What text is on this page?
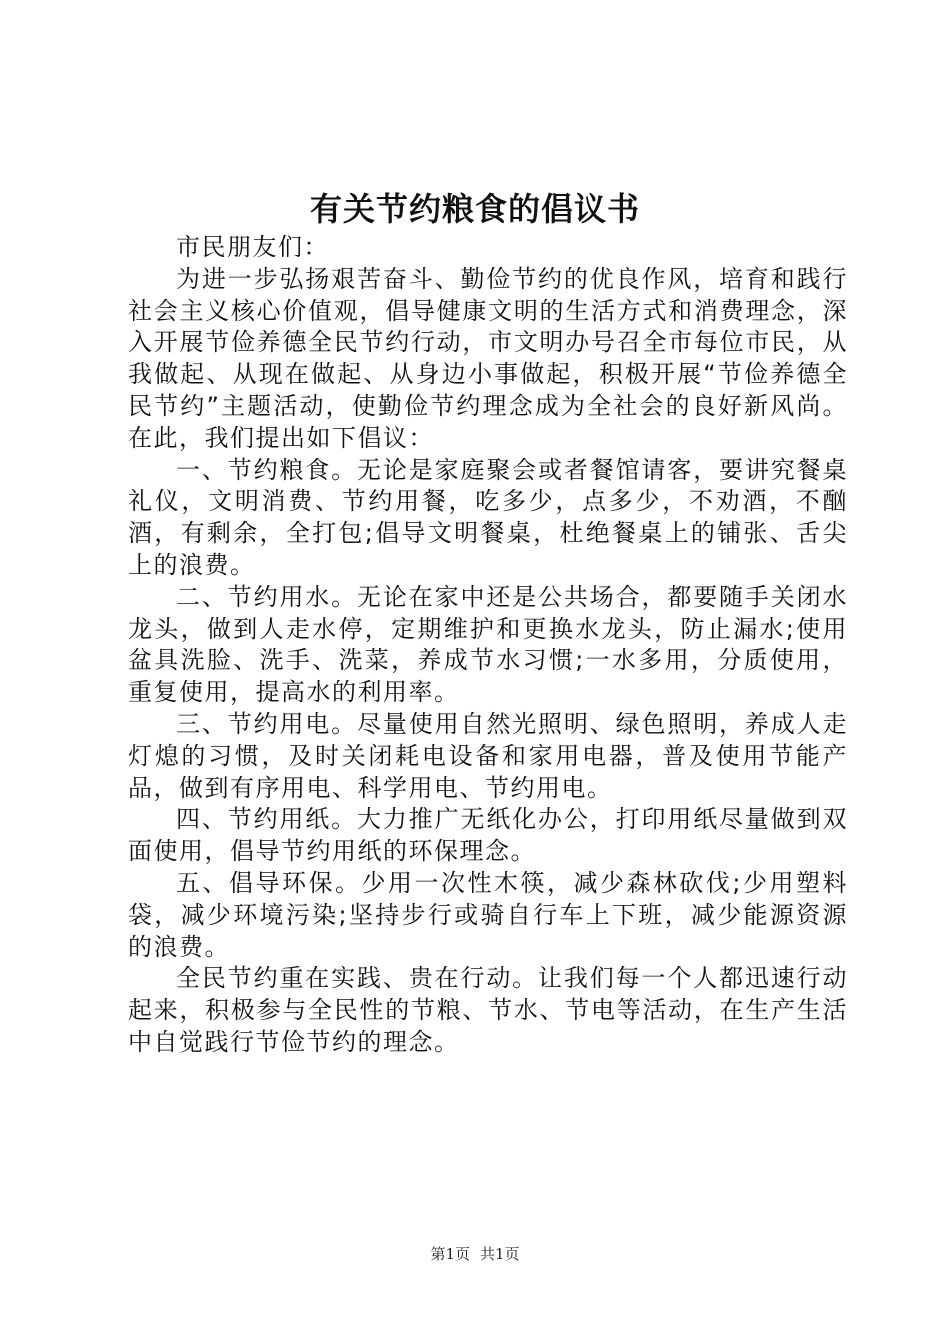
有关节约粮食的倡议书

市民朋友们：

为进一步弘扬艰苦奋斗、勤俭节约的优良作风，培育和践行社会主义核心价值观，倡导健康文明的生活方式和消费理念，深入开展节俭养德全民节约行动，市文明办号召全市每位市民，从我做起、从现在做起、从身边小事做起，积极开展“节俭养德全民节约”主题活动，使勤俭节约理念成为全社会的良好新风尚。在此，我们提出如下倡议：

一、节约粮食。无论是家庭聚会或者餐馆请客，要讲究餐桌礼仪，文明消费、节约用餐，吃多少，点多少，不劝酒，不酗酒，有剩余，全打包;倡导文明餐桌，杜绝餐桌上的铺张、舌尖上的浪费。

二、节约用水。无论在家中还是公共场合，都要随手关闭水龙头，做到人走水停，定期维护和更换水龙头，防止漏水;使用盆具洗脸、洗手、洗菜，养成节水习惯;一水多用，分质使用，重复使用，提高水的利用率。

三、节约用电。尽量使用自然光照明、绿色照明，养成人走灯熄的习惯，及时关闭耗电设备和家用电器，普及使用节能产品，做到有序用电、科学用电、节约用电。

四、节约用纸。大力推广无纸化办公，打印用纸尽量做到双面使用，倡导节约用纸的环保理念。

五、倡导环保。少用一次性木筷，减少森林砍伐;少用塑料袋，减少环境污染;坚持步行或骑自行车上下班，减少能源资源的浪费。

全民节约重在实践、贵在行动。让我们每一个人都迅速行动起来，积极参与全民性的节粮、节水、节电等活动，在生产生活中自觉践行节俭节约的理念。

第1页 共1页
